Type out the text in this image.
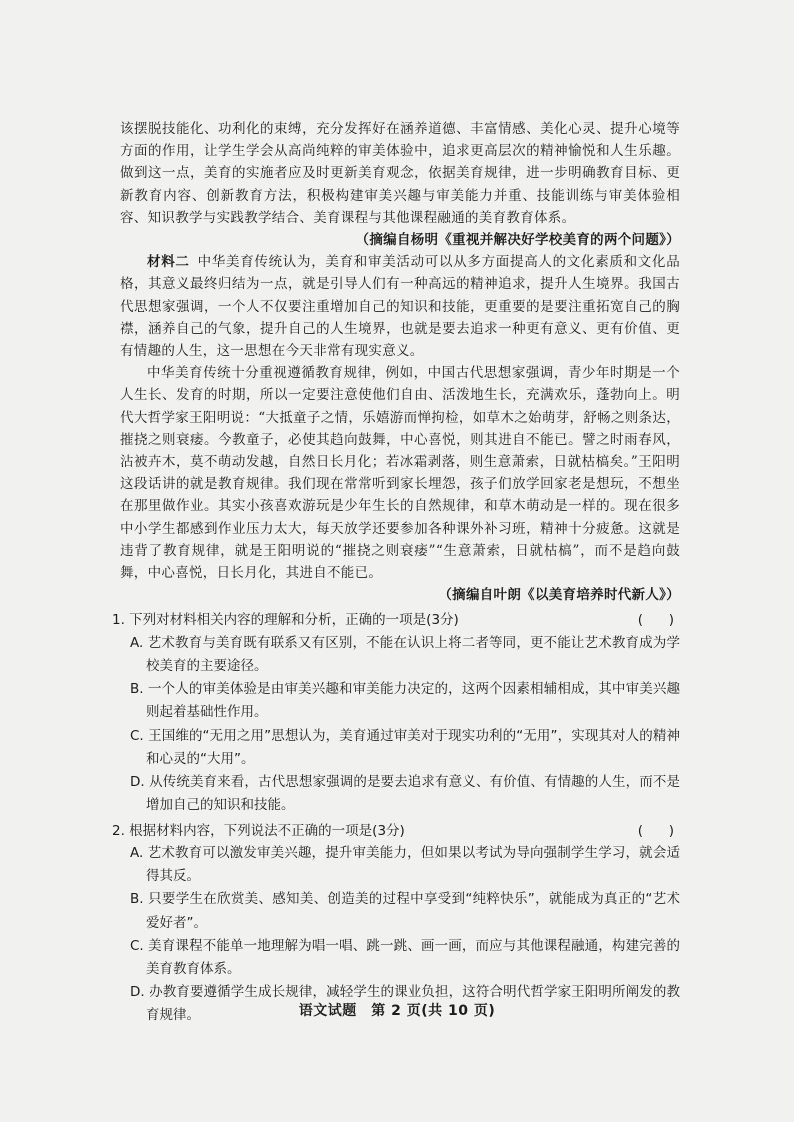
该摆脱技能化、功利化的束缚，充分发挥好在涵养道德、丰富情感、美化心灵、提升心境等方面的作用，让学生学会从高尚纯粹的审美体验中，追求更高层次的精神愉悦和人生乐趣。做到这一点，美育的实施者应及时更新美育观念，依据美育规律，进一步明确教育目标、更新教育内容、创新教育方法，积极构建审美兴趣与审美能力并重、技能训练与审美体验相容、知识教学与实践教学结合、美育课程与其他课程融通的美育教育体系。

（摘编自杨明《重视并解决好学校美育的两个问题》）

材料二 中华美育传统认为，美育和审美活动可以从多方面提高人的文化素质和文化品格，其意义最终归结为一点，就是引导人们有一种高远的精神追求，提升人生境界。我国古代思想家强调，一个人不仅要注重增加自己的知识和技能，更重要的是要注重拓宽自己的胸襟，涵养自己的气象，提升自己的人生境界，也就是要去追求一种更有意义、更有价值、更有情趣的人生，这一思想在今天非常有现实意义。

中华美育传统十分重视遵循教育规律，例如，中国古代思想家强调，青少年时期是一个人生长、发育的时期，所以一定要注意使他们自由、活泼地生长，充满欢乐，蓬勃向上。明代大哲学家王阳明说：“大抵童子之情，乐嬉游而惮拘检，如草木之始萌芽，舒畅之则条达，摧挠之则衰痿。今教童子，必使其趋向鼓舞，中心喜悦，则其进自不能已。譬之时雨春风，沾被卉木，莫不萌动发越，自然日长月化；若冰霜剥落，则生意萧索，日就枯槁矣。”王阳明这段话讲的就是教育规律。我们现在常常听到家长埋怨，孩子们放学回家老是想玩，不想坐在那里做作业。其实小孩喜欢游玩是少年生长的自然规律，和草木萌动是一样的。现在很多中小学生都感到作业压力太大，每天放学还要参加各种课外补习班，精神十分疲惫。这就是违背了教育规律，就是王阳明说的“摧挠之则衰痿”“生意萧索，日就枯槁”，而不是趋向鼓舞，中心喜悦，日长月化，其进自不能已。

（摘编自叶朗《以美育培养时代新人》）

1. 下列对材料相关内容的理解和分析，正确的一项是(3分)	(      )

A. 艺术教育与美育既有联系又有区别，不能在认识上将二者等同，更不能让艺术教育成为学校美育的主要途径。

B. 一个人的审美体验是由审美兴趣和审美能力决定的，这两个因素相辅相成，其中审美兴趣则起着基础性作用。

C. 王国维的“无用之用”思想认为，美育通过审美对于现实功利的“无用”，实现其对人的精神和心灵的“大用”。

D. 从传统美育来看，古代思想家强调的是要去追求有意义、有价值、有情趣的人生，而不是增加自己的知识和技能。

2. 根据材料内容，下列说法不正确的一项是(3分)	(      )

A. 艺术教育可以激发审美兴趣，提升审美能力，但如果以考试为导向强制学生学习，就会适得其反。

B. 只要学生在欣赏美、感知美、创造美的过程中享受到“纯粹快乐”，就能成为真正的“艺术爱好者”。

C. 美育课程不能单一地理解为唱一唱、跳一跳、画一画，而应与其他课程融通，构建完善的美育教育体系。

D. 办教育要遵循学生成长规律，减轻学生的课业负担，这符合明代哲学家王阳明所阐发的教育规律。	语文试题　第 2 页(共 10 页)
